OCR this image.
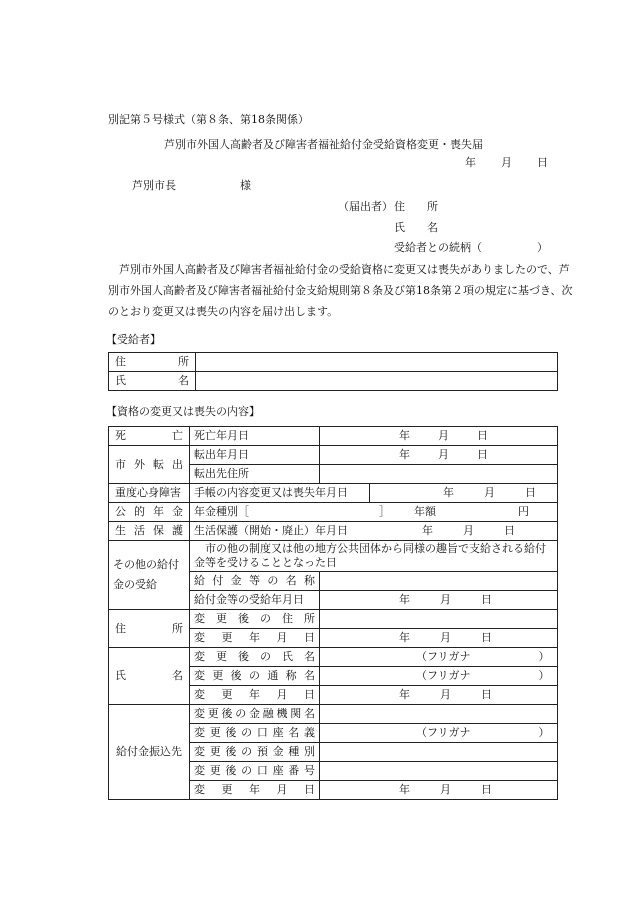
別記第５号様式（第８条、第18条関係）
芦別市外国人高齢者及び障害者福祉給付金受給資格変更・喪失届
年 月 日
芦別市長	様
（届出者） 住　　所
氏　　名
受給者との続柄（　　　　　）

芦別市外国人高齢者及び障害者福祉給付金の受給資格に変更又は喪失がありましたので、芦別市外国人高齢者及び障害者福祉給付金支給規則第８条及び第18条第２項の規定に基づき、次のとおり変更又は喪失の内容を届け出します。

【受給者】
住所	
氏名	
【資格の変更又は喪失の内容】
死亡	死亡年月日	年 月 日
市外転出	転出年月日	年 月 日
	転出先住所	
重度心身障害	手帳の内容変更又は喪失年月日 年 月 日	

公的年金	年金種別［ ］ 年額 円	
生活保護	生活保護（開始・廃止）年月日 年 月 日	
その他の給付金の受給	市の他の制度又は他の地方公共団体から同様の趣旨で支給される給付金等を受けることとなった日	

	給付金等の名称	
	給付金等の受給年月日	年 月 日
住所	変更後の住所	
	変更年月日	年 月 日
氏名	変更後の氏名	（フリガナ ）
	変更後の通称名	（フリガナ ）
	変更年月日	年 月 日
給付金振込先	変更後の金融機関名	
	変更後の口座名義	（フリガナ ）
	変更後の預金種別	
	変更後の口座番号	
	変更年月日	年 月 日
